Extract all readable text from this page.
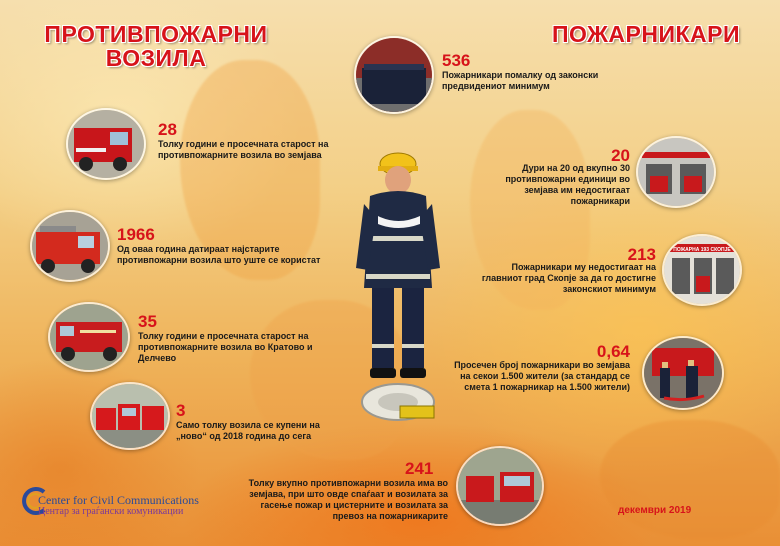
ПРОТИВПОЖАРНИ
ВОЗИЛА
ПОЖАРНИКАРИ
28
Толку години е просечната старост на противпожарните возила во земјава
1966
Од оваа година датираат најстарите противпожарни возила што уште се користат
35
Толку години е просечната старост на противпожарните возила во Кратово и Делчево
3
Само толку возила се купени на „ново“ од 2018 година до сега
241
Толку вкупно противпожарни возила има во земјава, при што овде спаѓаат и возилата за гасење пожар и цистерните и возилата за превоз на пожарникарите
536
Пожарникари помалку од законски предвидениот минимум
20
Дури на 20 од вкупно 30 противпожарни единици во земјава им недостигаат пожарникари
213
Пожарникари му недостигаат на главниот град Скопје за да го достигне законскиот минимум
ПОЖАРНА 193 СКОПЈЕ
0,64
Просечен број пожарникари во земјава на секои 1.500 жители (за стандард се смета 1 пожарникар на 1.500 жители)
Center for Civil Communications
Центар за граѓански комуникации	декември 2019
